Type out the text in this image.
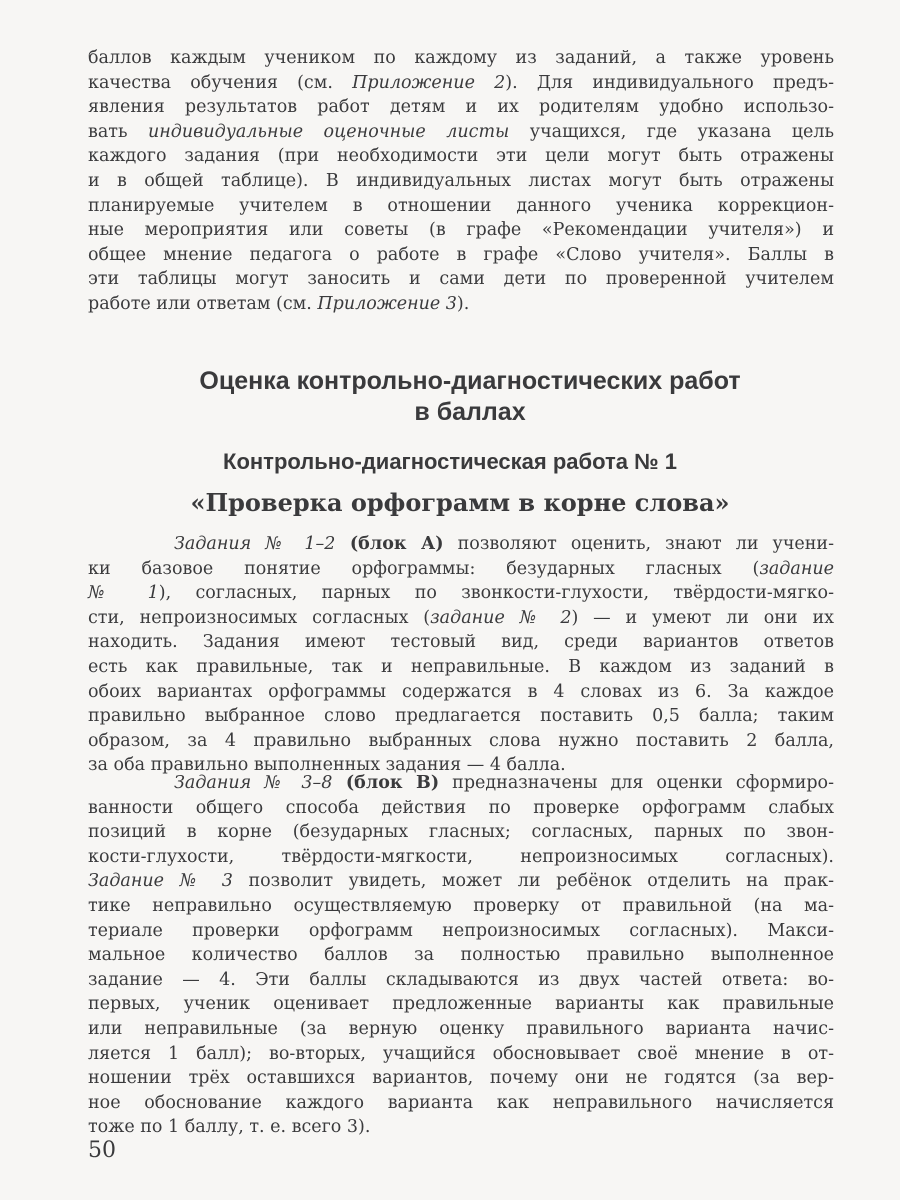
баллов каждым учеником по каждому из заданий, а также уровень
качества обучения (см. Приложение 2). Для индивидуального предъ-
явления результатов работ детям и их родителям удобно использо-
вать индивидуальные оценочные листы учащихся, где указана цель
каждого задания (при необходимости эти цели могут быть отражены
и в общей таблице). В индивидуальных листах могут быть отражены
планируемые учителем в отношении данного ученика коррекцион-
ные мероприятия или советы (в графе «Рекомендации учителя») и
общее мнение педагога о работе в графе «Слово учителя». Баллы в
эти таблицы могут заносить и сами дети по проверенной учителем
работе или ответам (см. Приложение 3).
Оценка контрольно-диагностических работ
в баллах
Контрольно-диагностическая работа № 1
«Проверка орфограмм в корне слова»
Задания № 1–2 (блок А) позволяют оценить, знают ли учени-
ки базовое понятие орфограммы: безударных гласных (задание
№ 1), согласных, парных по звонкости-глухости, твёрдости-мягко-
сти, непроизносимых согласных (задание № 2) — и умеют ли они их
находить. Задания имеют тестовый вид, среди вариантов ответов
есть как правильные, так и неправильные. В каждом из заданий в
обоих вариантах орфограммы содержатся в 4 словах из 6. За каждое
правильно выбранное слово предлагается поставить 0,5 балла; таким
образом, за 4 правильно выбранных слова нужно поставить 2 балла,
за оба правильно выполненных задания — 4 балла.
Задания № 3–8 (блок В) предназначены для оценки сформиро-
ванности общего способа действия по проверке орфограмм слабых
позиций в корне (безударных гласных; согласных, парных по звон-
кости-глухости, твёрдости-мягкости, непроизносимых согласных).
Задание № 3 позволит увидеть, может ли ребёнок отделить на прак-
тике неправильно осуществляемую проверку от правильной (на ма-
териале проверки орфограмм непроизносимых согласных). Макси-
мальное количество баллов за полностью правильно выполненное
задание — 4. Эти баллы складываются из двух частей ответа: во-
первых, ученик оценивает предложенные варианты как правильные
или неправильные (за верную оценку правильного варианта начис-
ляется 1 балл); во-вторых, учащийся обосновывает своё мнение в от-
ношении трёх оставшихся вариантов, почему они не годятся (за вер-
ное обоснование каждого варианта как неправильного начисляется
тоже по 1 баллу, т. е. всего 3).
50
